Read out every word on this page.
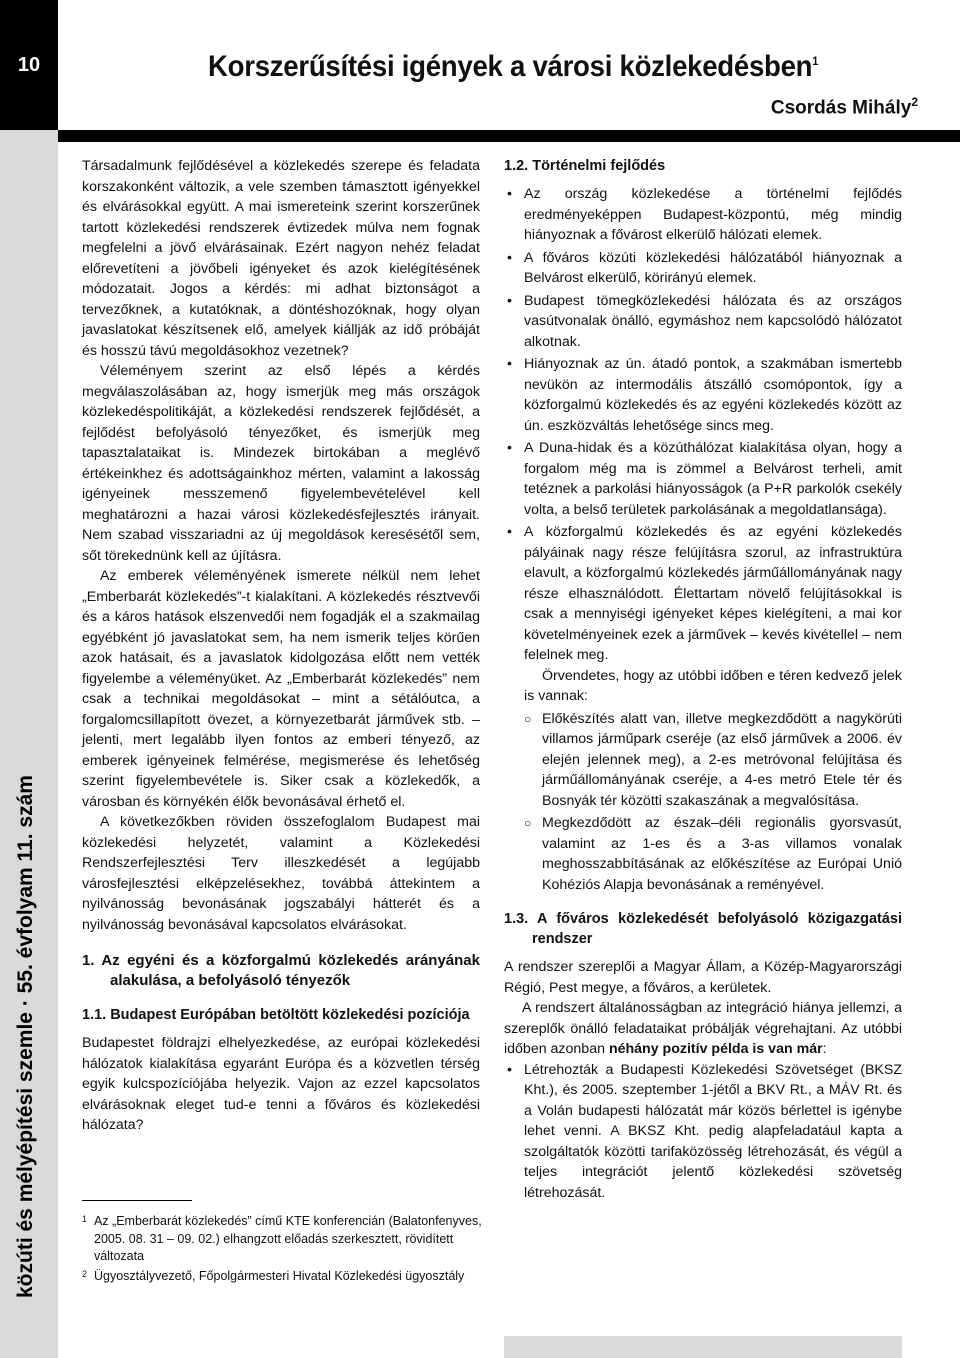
10
közúti és mélyépítési szemle · 55. évfolyam 11. szám
Korszerűsítési igények a városi közlekedésben$^1$
Csordás Mihály$^2$

Társadalmunk fejlődésével a közlekedés szerepe és feladata korszakonként változik, a vele szemben támasztott igényekkel és elvárásokkal együtt. A mai ismereteink szerint korszerűnek tartott közlekedési rendszerek évtizedek múlva nem fognak megfelelni a jövő elvárásainak. Ezért nagyon nehéz feladat előrevetíteni a jövőbeli igényeket és azok kielégítésének módozatait. Jogos a kérdés: mi adhat biztonságot a tervezőknek, a kutatóknak, a döntéshozóknak, hogy olyan javaslatokat készítsenek elő, amelyek kiállják az idő próbáját és hosszú távú megoldásokhoz vezetnek?

Véleményem szerint az első lépés a kérdés megválaszolásában az, hogy ismerjük meg más országok közlekedéspolitikáját, a közlekedési rendszerek fejlődését, a fejlődést befolyásoló tényezőket, és ismerjük meg tapasztalataikat is. Mindezek birtokában a meglévő értékeinkhez és adottságainkhoz mérten, valamint a lakosság igényeinek messzemenő figyelembevételével kell meghatározni a hazai városi közlekedésfejlesztés irányait. Nem szabad visszariadni az új megoldások keresésétől sem, sőt törekednünk kell az újításra.

Az emberek véleményének ismerete nélkül nem lehet „Emberbarát közlekedés”-t kialakítani. A közlekedés résztvevői és a káros hatások elszenvedői nem fogadják el a szakmailag egyébként jó javaslatokat sem, ha nem ismerik teljes körűen azok hatásait, és a javaslatok kidolgozása előtt nem vették figyelembe a véleményüket. Az „Emberbarát közlekedés” nem csak a technikai megoldásokat – mint a sétálóutca, a forgalomcsillapított övezet, a környezetbarát járművek stb. – jelenti, mert legalább ilyen fontos az emberi tényező, az emberek igényeinek felmérése, megismerése és lehetőség szerint figyelembevétele is. Siker csak a közlekedők, a városban és környékén élők bevonásával érhető el.

A következőkben röviden összefoglalom Budapest mai közlekedési helyzetét, valamint a Közlekedési Rendszerfejlesztési Terv illeszkedését a legújabb városfejlesztési elképzelésekhez, továbbá áttekintem a nyilvánosság bevonásának jogszabályi hátterét és a nyilvánosság bevonásával kapcsolatos elvárásokat.

1. Az egyéni és a közforgalmú közlekedés arányának alakulása, a befolyásoló tényezők
1.1. Budapest Európában betöltött közlekedési pozíciója

Budapestet földrajzi elhelyezkedése, az európai közlekedési hálózatok kialakítása egyaránt Európa és a közvetlen térség egyik kulcspozíciójába helyezik. Vajon az ezzel kapcsolatos elvárásoknak eleget tud-e tenni a főváros és közlekedési hálózata?

1 Az „Emberbarát közlekedés” című KTE konferencián (Balatonfenyves, 2005. 08. 31 – 09. 02.) elhangzott előadás szerkesztett, rövidített változata
2 Ügyosztályvezető, Főpolgármesteri Hivatal Közlekedési ügyosztály
1.2. Történelmi fejlődés
• Az ország közlekedése a történelmi fejlődés eredményeképpen Budapest-központú, még mindig hiányoznak a fővárost elkerülő hálózati elemek.
• A főváros közúti közlekedési hálózatából hiányoznak a Belvárost elkerülő, körirányú elemek.
• Budapest tömegközlekedési hálózata és az országos vasútvonalak önálló, egymáshoz nem kapcsolódó hálózatot alkotnak.
• Hiányoznak az ún. átadó pontok, a szakmában ismertebb nevükön az intermodális átszálló csomópontok, így a közforgalmú közlekedés és az egyéni közlekedés között az ún. eszközváltás lehetősége sincs meg.
• A Duna-hidak és a közúthálózat kialakítása olyan, hogy a forgalom még ma is zömmel a Belvárost terheli, amit tetéznek a parkolási hiányosságok (a P+R parkolók csekély volta, a belső területek parkolásának a megoldatlansága).
• A közforgalmú közlekedés és az egyéni közlekedés pályáinak nagy része felújításra szorul, az infrastruktúra elavult, a közforgalmú közlekedés járműállományának nagy része elhasználódott. Élettartam növelő felújításokkal is csak a mennyiségi igényeket képes kielégíteni, a mai kor követelményeinek ezek a járművek – kevés kivétellel – nem felelnek meg.

Örvendetes, hogy az utóbbi időben e téren kedvező jelek is vannak:

○ Előkészítés alatt van, illetve megkezdődött a nagykörúti villamos járműpark cseréje (az első járművek a 2006. év elején jelennek meg), a 2-es metróvonal felújítása és járműállományának cseréje, a 4-es metró Etele tér és Bosnyák tér közötti szakaszának a megvalósítása.
○ Megkezdődött az észak–déli regionális gyorsvasút, valamint az 1-es és a 3-as villamos vonalak meghosszabbításának az előkészítése az Európai Unió Kohéziós Alapja bevonásának a reményével.
1.3. A főváros közlekedését befolyásoló közigazgatási rendszer

A rendszer szereplői a Magyar Állam, a Közép-Magyarországi Régió, Pest megye, a főváros, a kerületek.

A rendszert általánosságban az integráció hiánya jellemzi, a szereplők önálló feladataikat próbálják végrehajtani. Az utóbbi időben azonban néhány pozitív példa is van már:

• Létrehozták a Budapesti Közlekedési Szövetséget (BKSZ Kht.), és 2005. szeptember 1-jétől a BKV Rt., a MÁV Rt. és a Volán budapesti hálózatát már közös bérlettel is igénybe lehet venni. A BKSZ Kht. pedig alapfeladatául kapta a szolgáltatók közötti tarifaközösség létrehozását, és végül a teljes integrációt jelentő közlekedési szövetség létrehozását.
